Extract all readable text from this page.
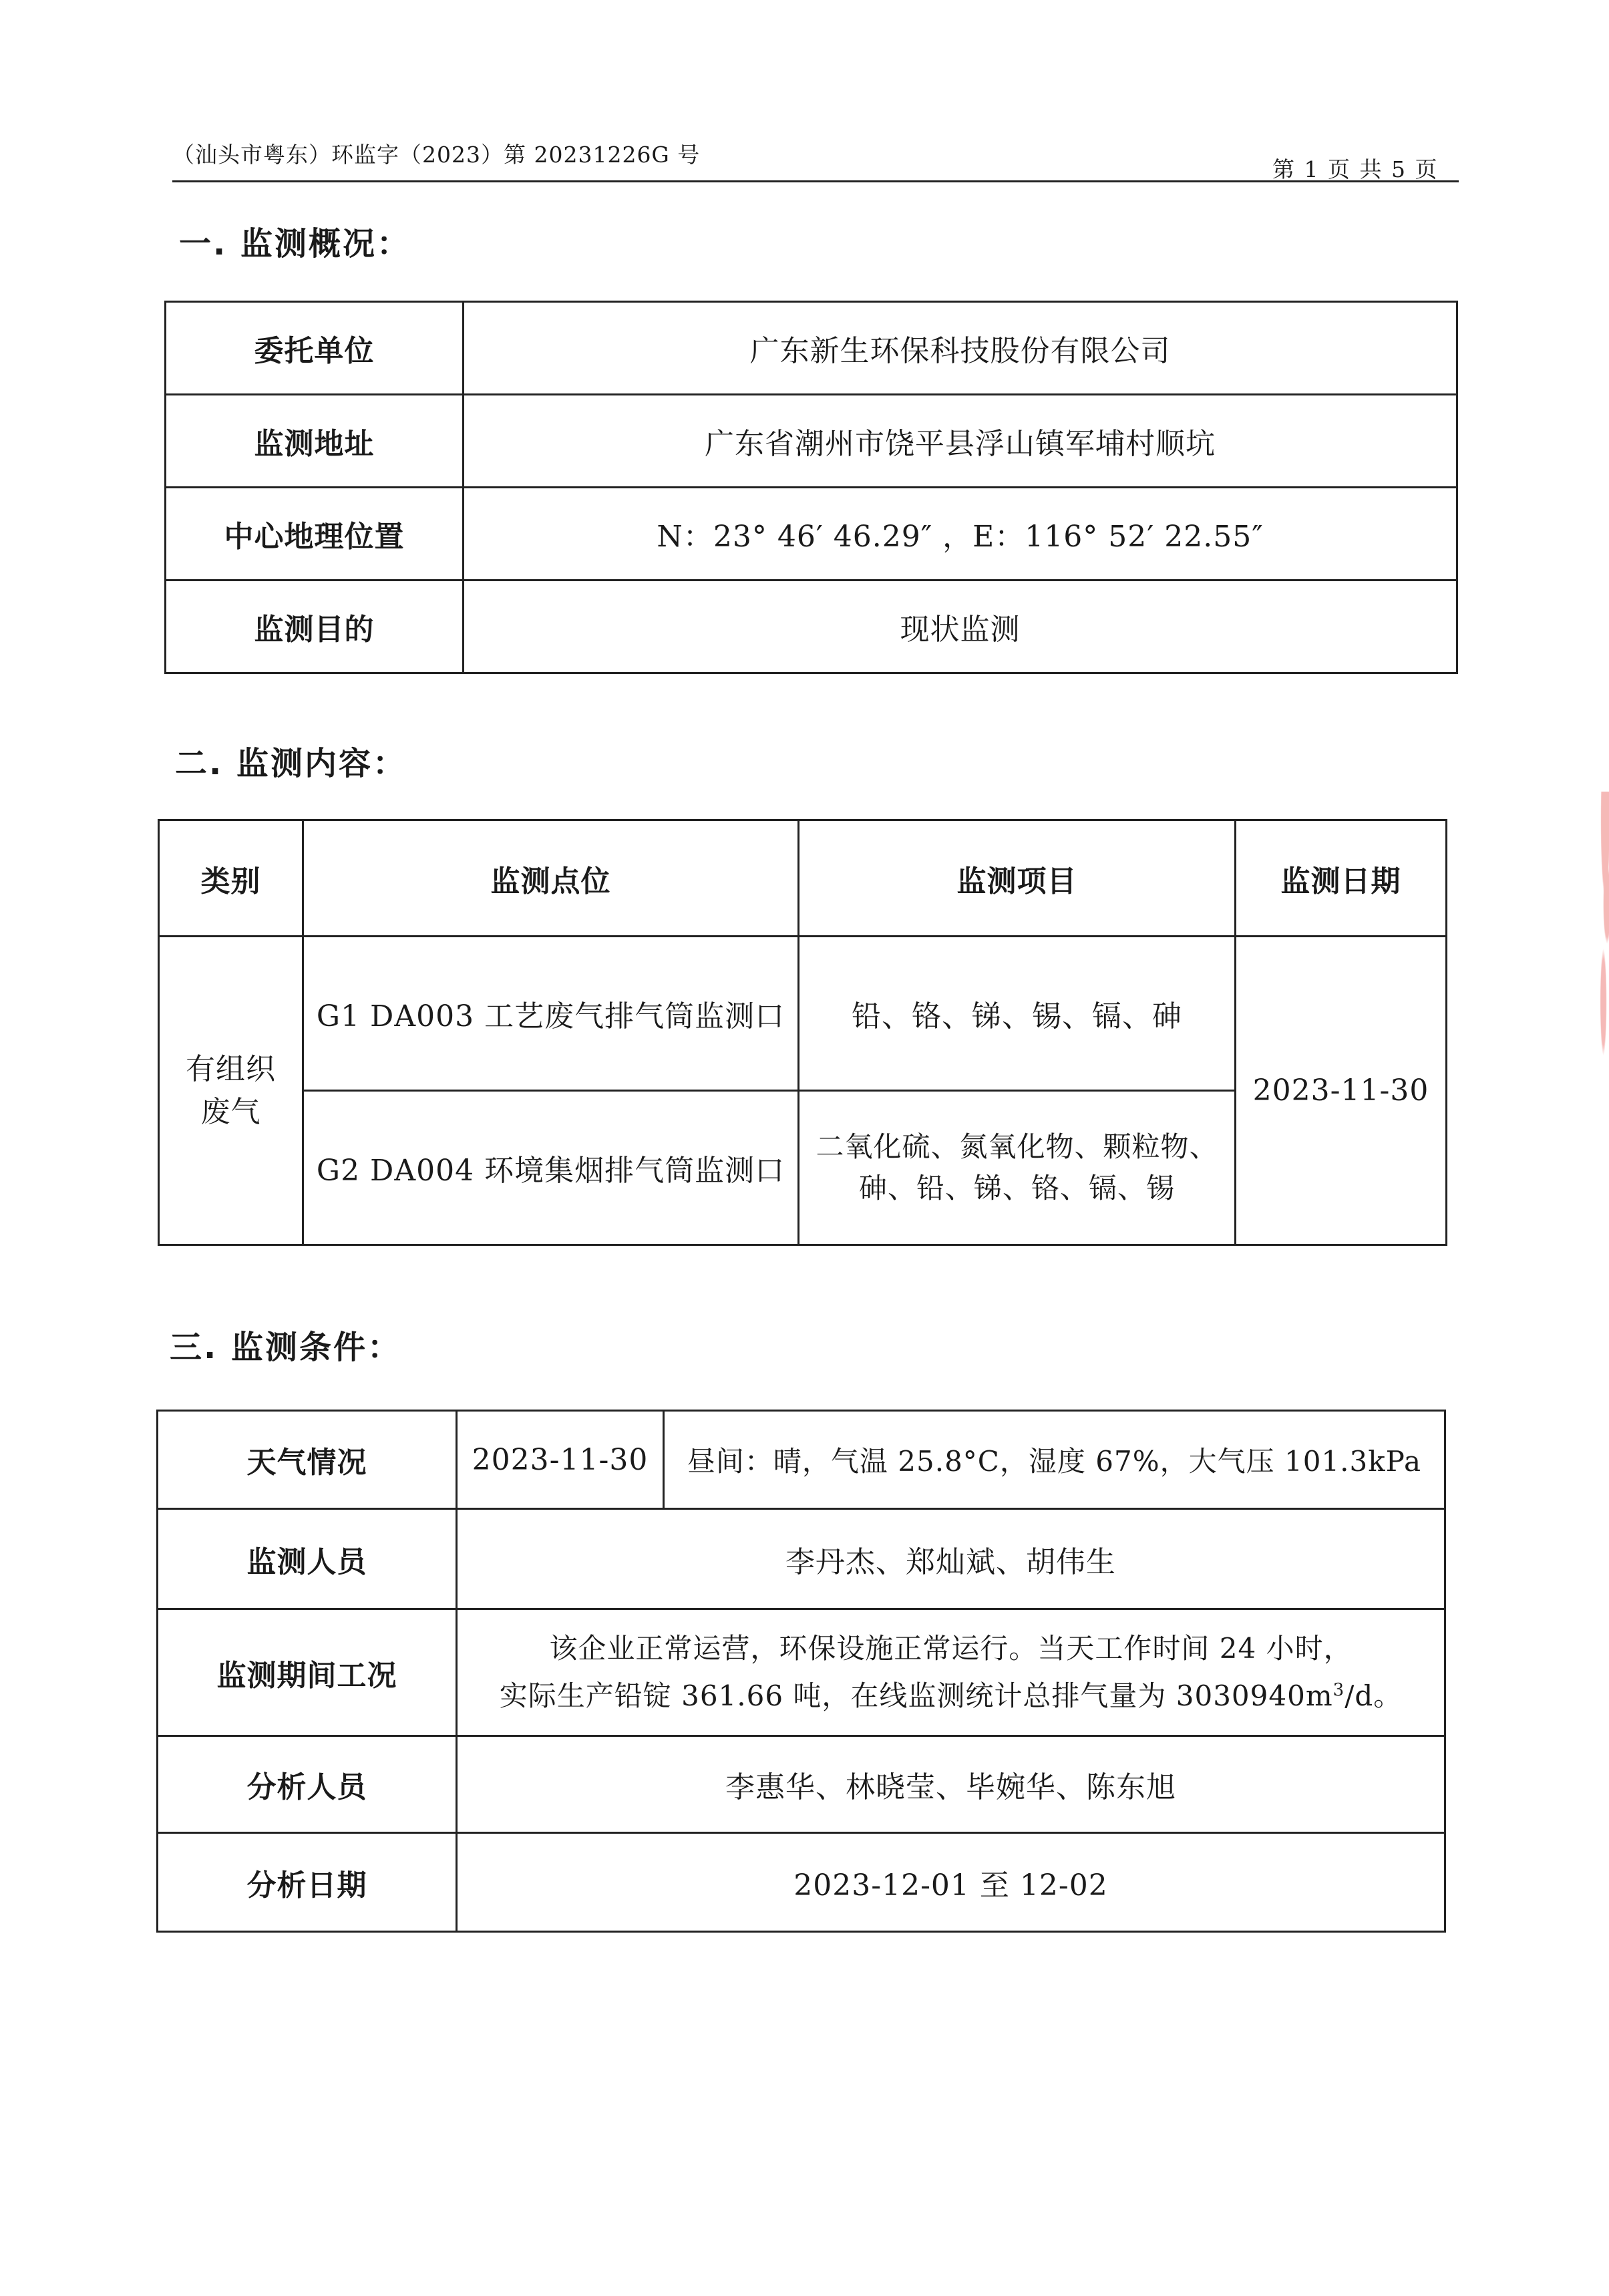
（汕头市粤东）环监字（2023）第 20231226G 号
第 1 页 共 5 页
一. 监测概况：
委托单位	广东新生环保科技股份有限公司
监测地址	广东省潮州市饶平县浮山镇军埔村顺坑
中心地理位置	N：23° 46′ 46.29″ ，E：116° 52′ 22.55″
监测目的	现状监测
二. 监测内容：
类别	监测点位	监测项目	监测日期

有组织
废气	G1 DA003 工艺废气排气筒监测口	铅、铬、锑、锡、镉、砷	2023-11-30
	G2 DA004 环境集烟排气筒监测口	二氧化硫、氮氧化物、颗粒物、
砷、铅、锑、铬、镉、锡	
三. 监测条件：
天气情况	2023-11-30	昼间：晴，气温 25.8°C，湿度 67%，大气压 101.3kPa
监测人员	李丹杰、郑灿斌、胡伟生	
监测期间工况	该企业正常运营，环保设施正常运行。当天工作时间 24 小时，
实际生产铅锭 361.66 吨，在线监测统计总排气量为 $3030940m^3/d$。	

分析人员	李惠华、林晓莹、毕婉华、陈东旭	
分析日期	2023-12-01 至 12-02	
